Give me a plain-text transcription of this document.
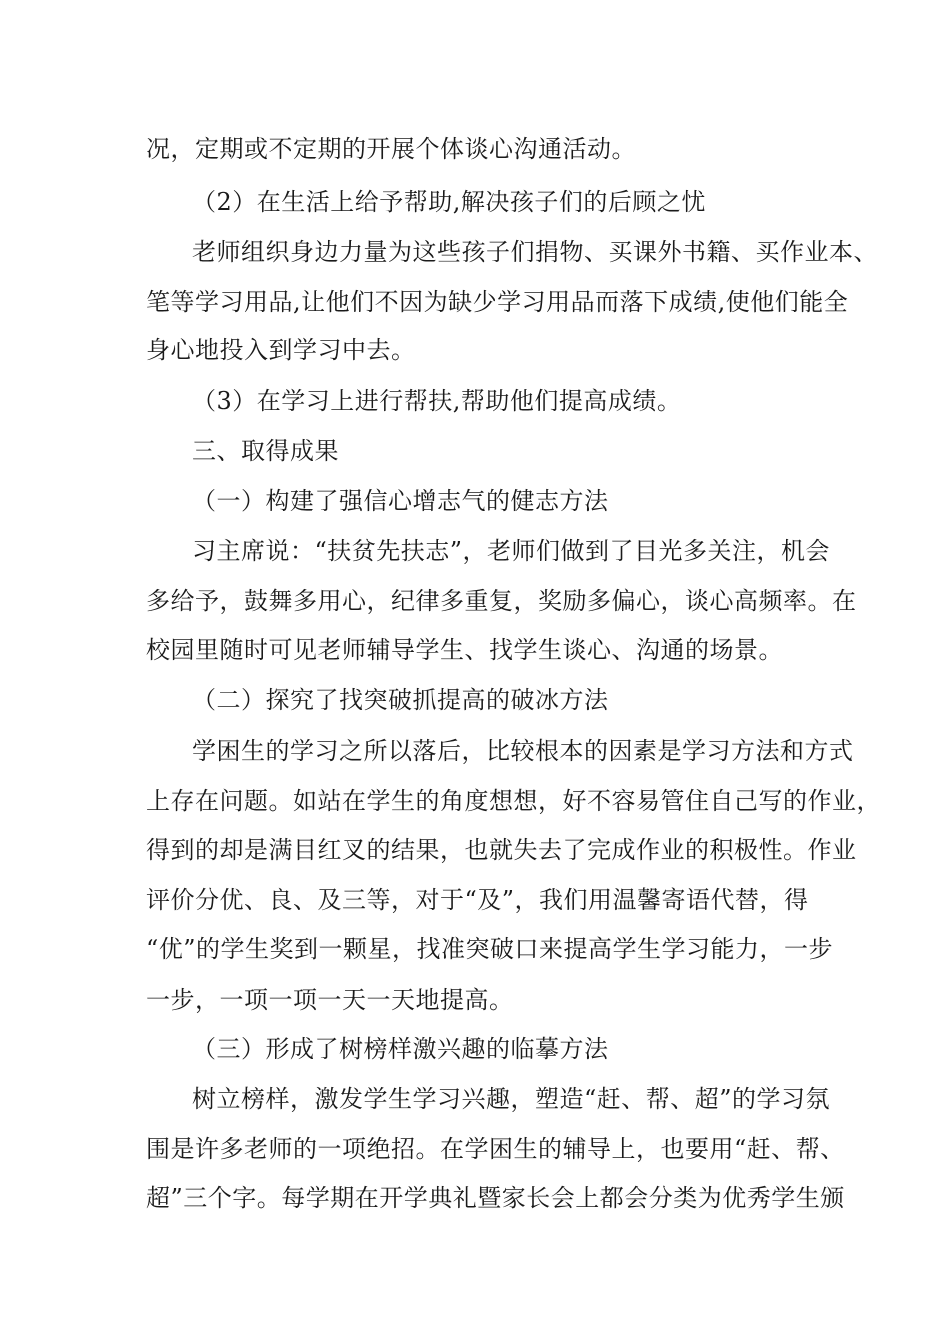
况，定期或不定期的开展个体谈心沟通活动。
（2）在生活上给予帮助,解决孩子们的后顾之忧
老师组织身边力量为这些孩子们捐物、买课外书籍、买作业本、
笔等学习用品,让他们不因为缺少学习用品而落下成绩,使他们能全
身心地投入到学习中去。
（3）在学习上进行帮扶,帮助他们提高成绩。
三、取得成果
（一）构建了强信心增志气的健志方法
习主席说：“扶贫先扶志”，老师们做到了目光多关注，机会
多给予，鼓舞多用心，纪律多重复，奖励多偏心，谈心高频率。在
校园里随时可见老师辅导学生、找学生谈心、沟通的场景。
（二）探究了找突破抓提高的破冰方法
学困生的学习之所以落后，比较根本的因素是学习方法和方式
上存在问题。如站在学生的角度想想，好不容易管住自己写的作业，
得到的却是满目红叉的结果，也就失去了完成作业的积极性。作业
评价分优、良、及三等，对于“及”，我们用温馨寄语代替，得
“优”的学生奖到一颗星，找准突破口来提高学生学习能力，一步
一步，一项一项一天一天地提高。
（三）形成了树榜样激兴趣的临摹方法
树立榜样，激发学生学习兴趣，塑造“赶、帮、超”的学习氛
围是许多老师的一项绝招。在学困生的辅导上，也要用“赶、帮、
超”三个字。每学期在开学典礼暨家长会上都会分类为优秀学生颁
